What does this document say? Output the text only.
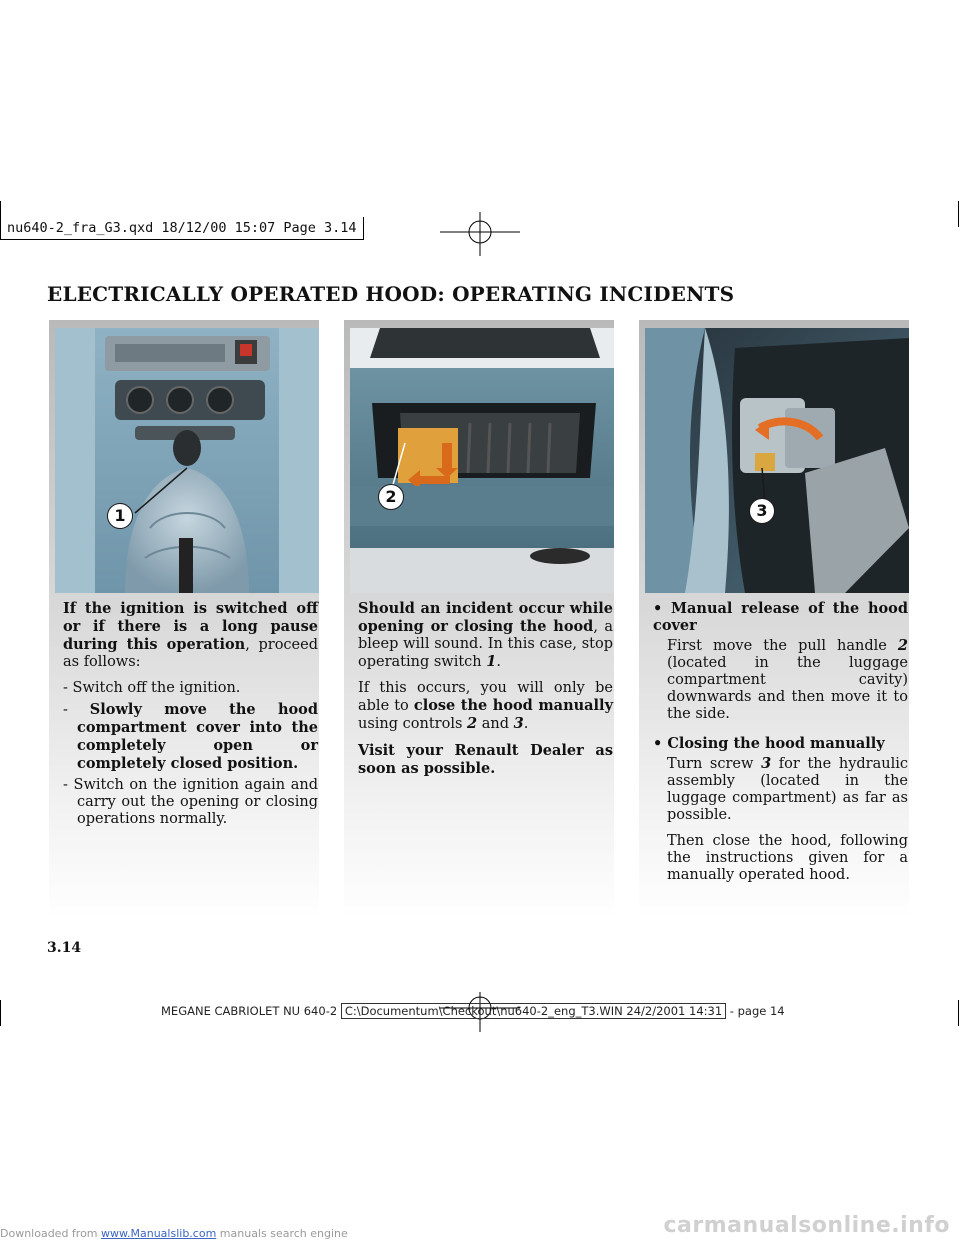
nu640-2_fra_G3.qxd 18/12/00 15:07 Page 3.14
ELECTRICALLY OPERATED HOOD: OPERATING INCIDENTS
1
2
3

If the ignition is switched off or if there is a long pause during this operation, proceed as follows:

- Switch off the ignition.
- Slowly move the hood compartment cover into the completely open or completely closed position.
- Switch on the ignition again and carry out the opening or closing operations normally.

Should an incident occur while opening or closing the hood, a bleep will sound. In this case, stop operating switch 1.

If this occurs, you will only be able to close the hood manually using controls 2 and 3.

Visit your Renault Dealer as soon as possible.

• Manual release of the hood cover
First move the pull handle 2 (located in the luggage compartment cavity) downwards and then move it to the side.
• Closing the hood manually
Turn screw 3 for the hydraulic assembly (located in the luggage compartment) as far as possible.
Then close the hood, following the instructions given for a manually operated hood.
3.14
MEGANE CABRIOLET NU 640-2 C:\Documentum\Checkout\nu640-2_eng_T3.WIN 24/2/2001 14:31 - page 14
Downloaded from www.Manualslib.com manuals search engine	carmanualsonline.info
